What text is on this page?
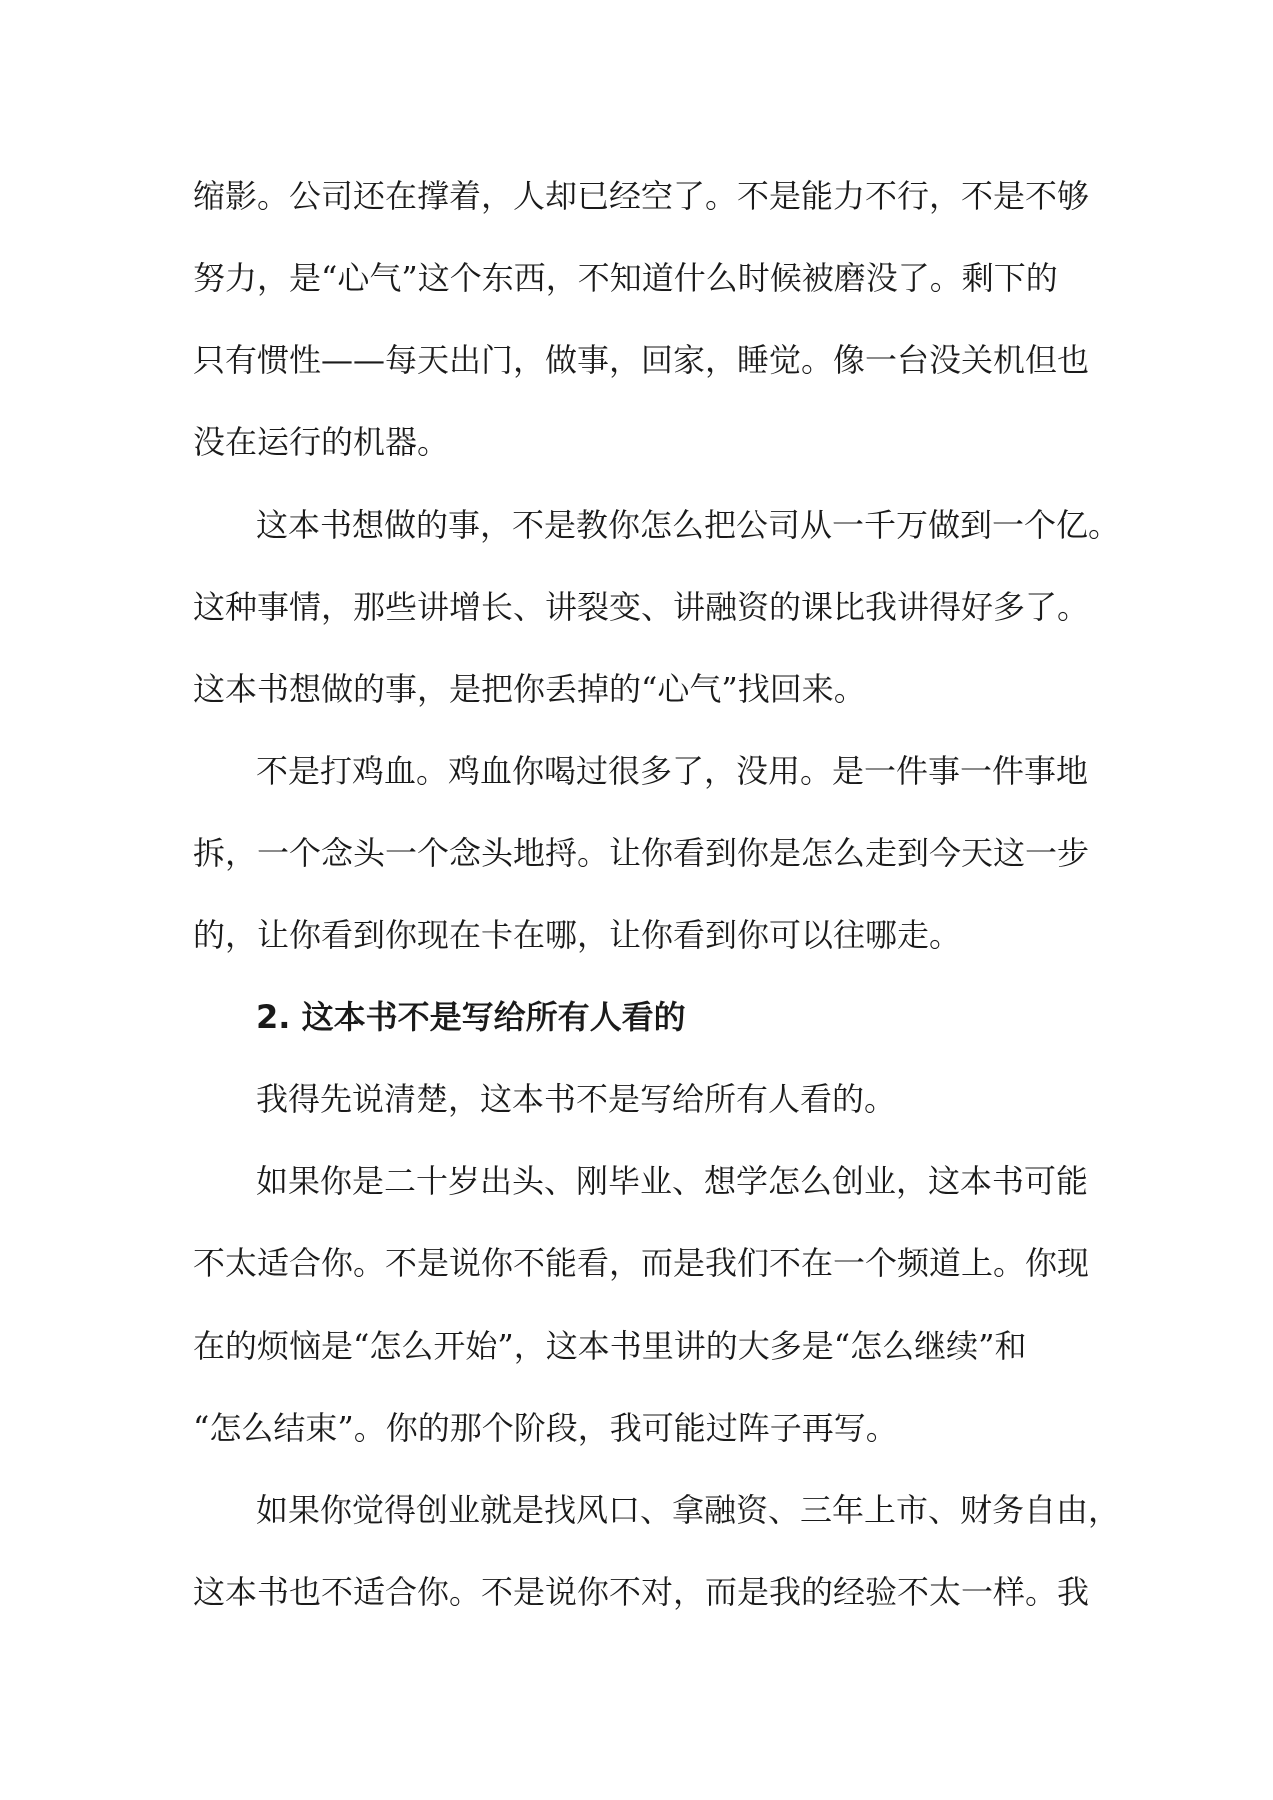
缩影。公司还在撑着，人却已经空了。不是能力不行，不是不够
努力，是“心气”这个东西，不知道什么时候被磨没了。剩下的
只有惯性——每天出门，做事，回家，睡觉。像一台没关机但也
没在运行的机器。
这本书想做的事，不是教你怎么把公司从一千万做到一个亿。
这种事情，那些讲增长、讲裂变、讲融资的课比我讲得好多了。
这本书想做的事，是把你丢掉的“心气”找回来。
不是打鸡血。鸡血你喝过很多了，没用。是一件事一件事地
拆，一个念头一个念头地捋。让你看到你是怎么走到今天这一步
的，让你看到你现在卡在哪，让你看到你可以往哪走。
2. 这本书不是写给所有人看的
我得先说清楚，这本书不是写给所有人看的。
如果你是二十岁出头、刚毕业、想学怎么创业，这本书可能
不太适合你。不是说你不能看，而是我们不在一个频道上。你现
在的烦恼是“怎么开始”，这本书里讲的大多是“怎么继续”和
“怎么结束”。你的那个阶段，我可能过阵子再写。
如果你觉得创业就是找风口、拿融资、三年上市、财务自由，
这本书也不适合你。不是说你不对，而是我的经验不太一样。我
